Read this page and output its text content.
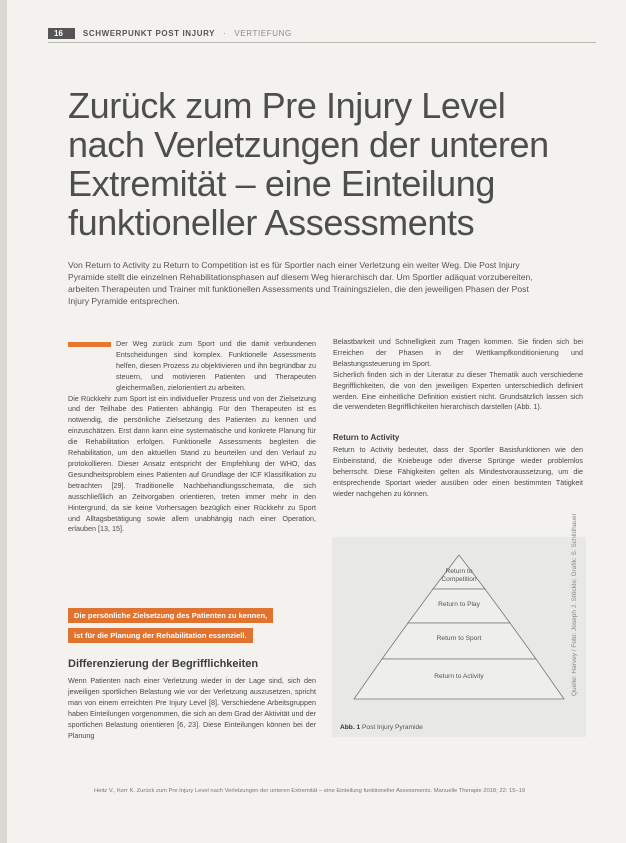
16	SCHWERPUNKT POST INJURY · VERTIEFUNG
Zurück zum Pre Injury Level nach Verletzungen der unteren Extremität – eine Einteilung funktioneller Assessments

Von Return to Activity zu Return to Competition ist es für Sportler nach einer Verletzung ein weiter Weg. Die Post Injury Pyramide stellt die einzelnen Rehabilitationsphasen auf diesem Weg hierarchisch dar. Um Sportler adäquat vorzubereiten, arbeiten Therapeuten und Trainer mit funktionellen Assessments und Trainingszielen, die den jeweiligen Phasen der Post Injury Pyramide entsprechen.

Der Weg zurück zum Sport und die damit verbundenen Entscheidungen sind komplex. Funktionelle Assessments helfen, diesen Prozess zu objektivieren und ihn begründbar zu steuern, und motivieren Patienten und Therapeuten gleichermaßen, zielorientiert zu arbeiten.

Die Rückkehr zum Sport ist ein individueller Prozess und von der Zielsetzung und der Teilhabe des Patienten abhängig. Für den Therapeuten ist es notwendig, die persönliche Zielsetzung des Patienten zu kennen und einzuschätzen. Erst dann kann eine systematische und konkrete Planung für die Rehabilitation erfolgen. Funktionelle Assessments begleiten die Rehabilitation, um den aktuellen Stand zu beurteilen und den Verlauf zu protokollieren. Dieser Ansatz entspricht der Empfehlung der WHO, das Gesundheitsproblem eines Patienten auf Grundlage der ICF Klassifikation zu betrachten [29]. Traditionelle Nachbehandlungsschemata, die sich ausschließlich an Zeitvorgaben orientieren, treten immer mehr in den Hintergrund, da sie keine Vorhersagen bezüglich einer Rückkehr zu Sport und Alltagsbetätigung sowie allem unabhängig nach einer Operation, erlauben [13, 15].

Die persönliche Zielsetzung des Patienten zu kennen,
ist für die Planung der Rehabilitation essenziell.
Differenzierung der Begrifflichkeiten

Wenn Patienten nach einer Verletzung wieder in der Lage sind, sich den jeweiligen sportlichen Belastung wie vor der Verletzung auszusetzen, spricht man von einem erreichten Pre Injury Level [8]. Verschiedene Arbeitsgruppen haben Einteilungen vorgenommen, die sich an dem Grad der Aktivität und der sportlichen Belastung orientieren [6, 23]. Diese Einteilungen können bei der Planung

Belastbarkeit und Schnelligkeit zum Tragen kommen. Sie finden sich bei Erreichen der Phasen in der Wettkampfkonditionierung und Belastungssteuerung im Sport.

Sicherlich finden sich in der Literatur zu dieser Thematik auch verschiedene Begrifflichkeiten, die von den jeweiligen Experten unterschiedlich definiert werden. Eine einheitliche Definition existiert nicht. Grundsätzlich lassen sich die verwendeten Begrifflichkeiten hierarchisch darstellen (Abb. 1).

Return to Activity

Return to Activity bedeutet, dass der Sportler Basisfunktionen wie den Einbeinstand, die Kniebeuge oder diverse Sprünge wieder problemlos beherrscht. Diese Fähigkeiten gelten als Mindestvoraussetzung, um die entsprechende Sportart wieder ausüben oder einen bestimmten Tätigkeit wieder nachgehen zu können.

Return to Competition
Return to Play
Return to Sport
Return to Activity
Abb. 1 Post Injury Pyramide
Quelle: Harvey / Foto: Joseph J. Stöckle; Grafik: S. Schildhauer
Heitz V., Kerr K. Zurück zum Pre Injury Level nach Verletzungen der unteren Extremität – eine Einteilung funktioneller Assessments. Manuelle Therapie 2018; 22: 15–19
